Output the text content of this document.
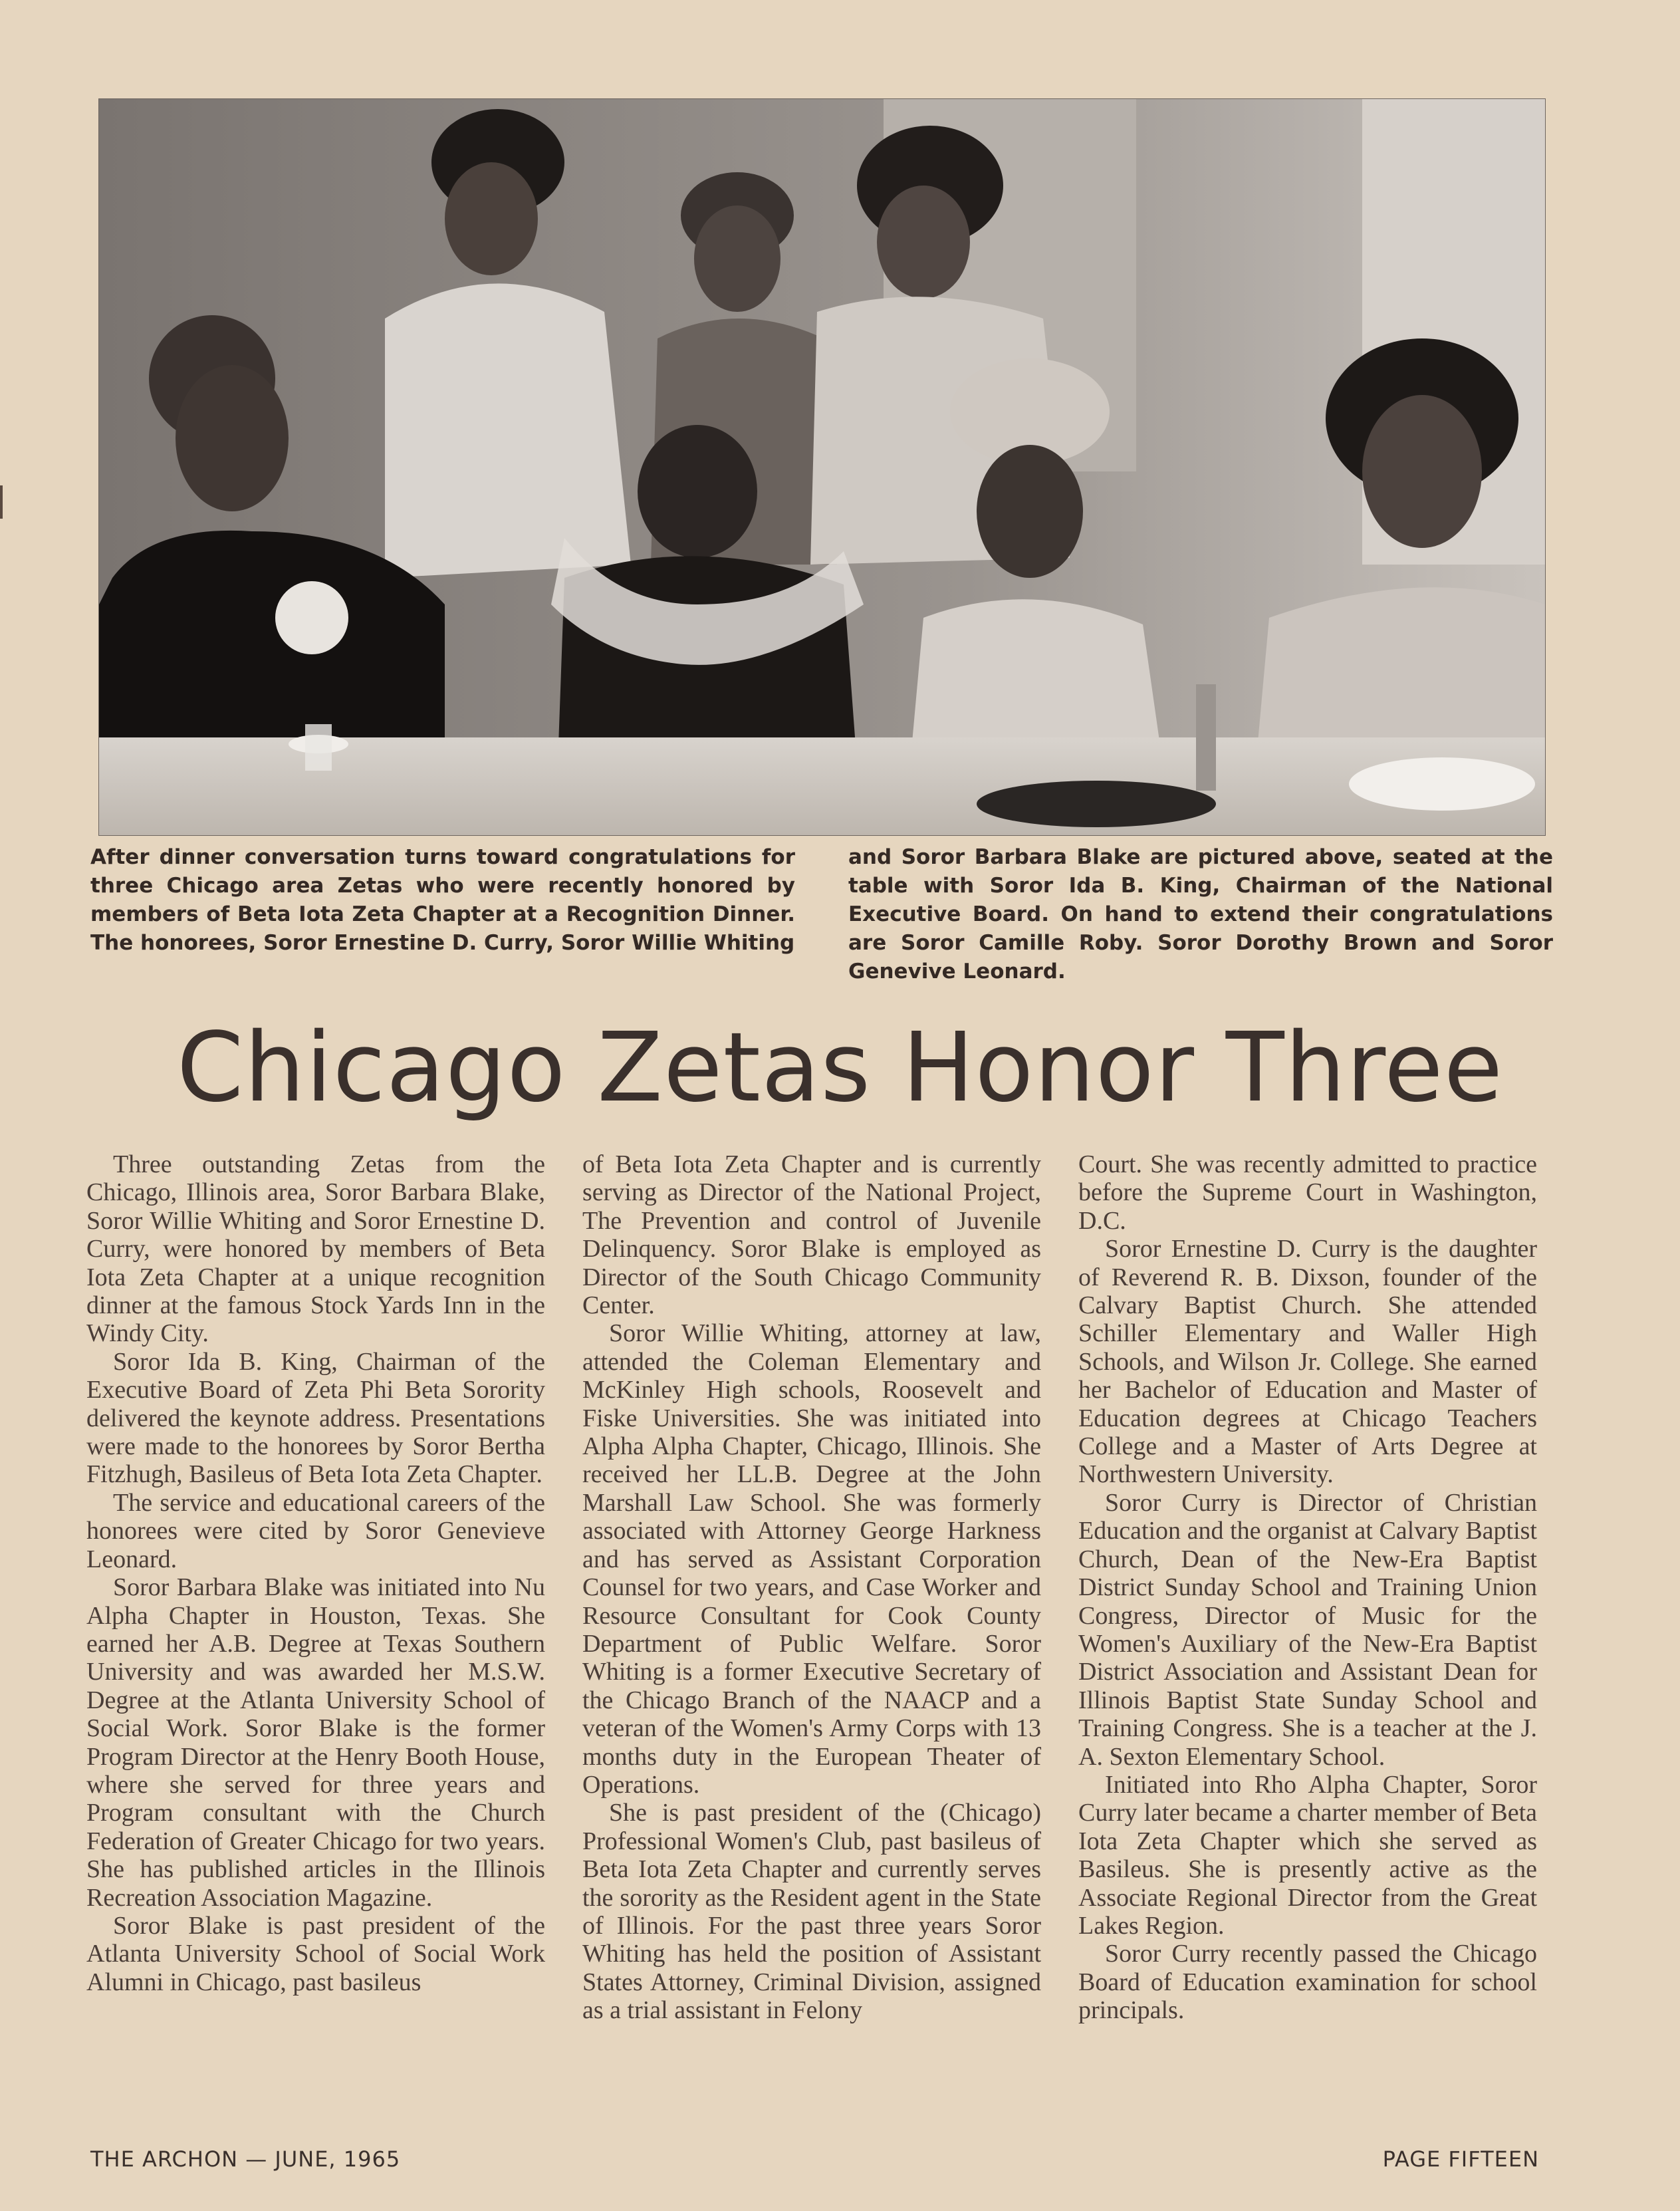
After dinner conversation turns toward congratulations for three Chicago area Zetas who were recently honored by members of Beta Iota Zeta Chapter at a Recognition Dinner. The honorees, Soror Ernestine D. Curry, Soror Willie Whiting
and Soror Barbara Blake are pictured above, seated at the table with Soror Ida B. King, Chairman of the National Executive Board. On hand to extend their congratulations are Soror Camille Roby. Soror Dorothy Brown and Soror Genevive Leonard.
Chicago Zetas Honor Three

Three outstanding Zetas from the Chicago, Illinois area, Soror Barbara Blake, Soror Willie Whiting and Soror Ernestine D. Curry, were honored by members of Beta Iota Zeta Chapter at a unique recognition dinner at the famous Stock Yards Inn in the Windy City.

Soror Ida B. King, Chairman of the Executive Board of Zeta Phi Beta Sorority delivered the keynote address. Presentations were made to the honorees by Soror Bertha Fitzhugh, Basileus of Beta Iota Zeta Chapter.

The service and educational careers of the honorees were cited by Soror Genevieve Leonard.

Soror Barbara Blake was initiated into Nu Alpha Chapter in Houston, Texas. She earned her A.B. Degree at Texas Southern University and was awarded her M.S.W. Degree at the Atlanta University School of Social Work. Soror Blake is the former Program Director at the Henry Booth House, where she served for three years and Program consultant with the Church Federation of Greater Chicago for two years. She has published articles in the Illinois Recreation Association Magazine.

Soror Blake is past president of the Atlanta University School of Social Work Alumni in Chicago, past basileus

of Beta Iota Zeta Chapter and is currently serving as Director of the National Project, The Prevention and control of Juvenile Delinquency. Soror Blake is employed as Director of the South Chicago Community Center.

Soror Willie Whiting, attorney at law, attended the Coleman Elementary and McKinley High schools, Roosevelt and Fiske Universities. She was initiated into Alpha Alpha Chapter, Chicago, Illinois. She received her LL.B. Degree at the John Marshall Law School. She was formerly associated with Attorney George Harkness and has served as Assistant Corporation Counsel for two years, and Case Worker and Resource Consultant for Cook County Department of Public Welfare. Soror Whiting is a former Executive Secretary of the Chicago Branch of the NAACP and a veteran of the Women's Army Corps with 13 months duty in the European Theater of Operations.

She is past president of the (Chicago) Professional Women's Club, past basileus of Beta Iota Zeta Chapter and currently serves the sorority as the Resident agent in the State of Illinois. For the past three years Soror Whiting has held the position of Assistant States Attorney, Criminal Division, assigned as a trial assistant in Felony

Court. She was recently admitted to practice before the Supreme Court in Washington, D.C.

Soror Ernestine D. Curry is the daughter of Reverend R. B. Dixson, founder of the Calvary Baptist Church. She attended Schiller Elementary and Waller High Schools, and Wilson Jr. College. She earned her Bachelor of Education and Master of Education degrees at Chicago Teachers College and a Master of Arts Degree at Northwestern University.

Soror Curry is Director of Christian Education and the organist at Calvary Baptist Church, Dean of the New-Era Baptist District Sunday School and Training Union Congress, Director of Music for the Women's Auxiliary of the New-Era Baptist District Association and Assistant Dean for Illinois Baptist State Sunday School and Training Congress. She is a teacher at the J. A. Sexton Elementary School.

Initiated into Rho Alpha Chapter, Soror Curry later became a charter member of Beta Iota Zeta Chapter which she served as Basileus. She is presently active as the Associate Regional Director from the Great Lakes Region.

Soror Curry recently passed the Chicago Board of Education examination for school principals.

THE ARCHON — JUNE, 1965	PAGE FIFTEEN
